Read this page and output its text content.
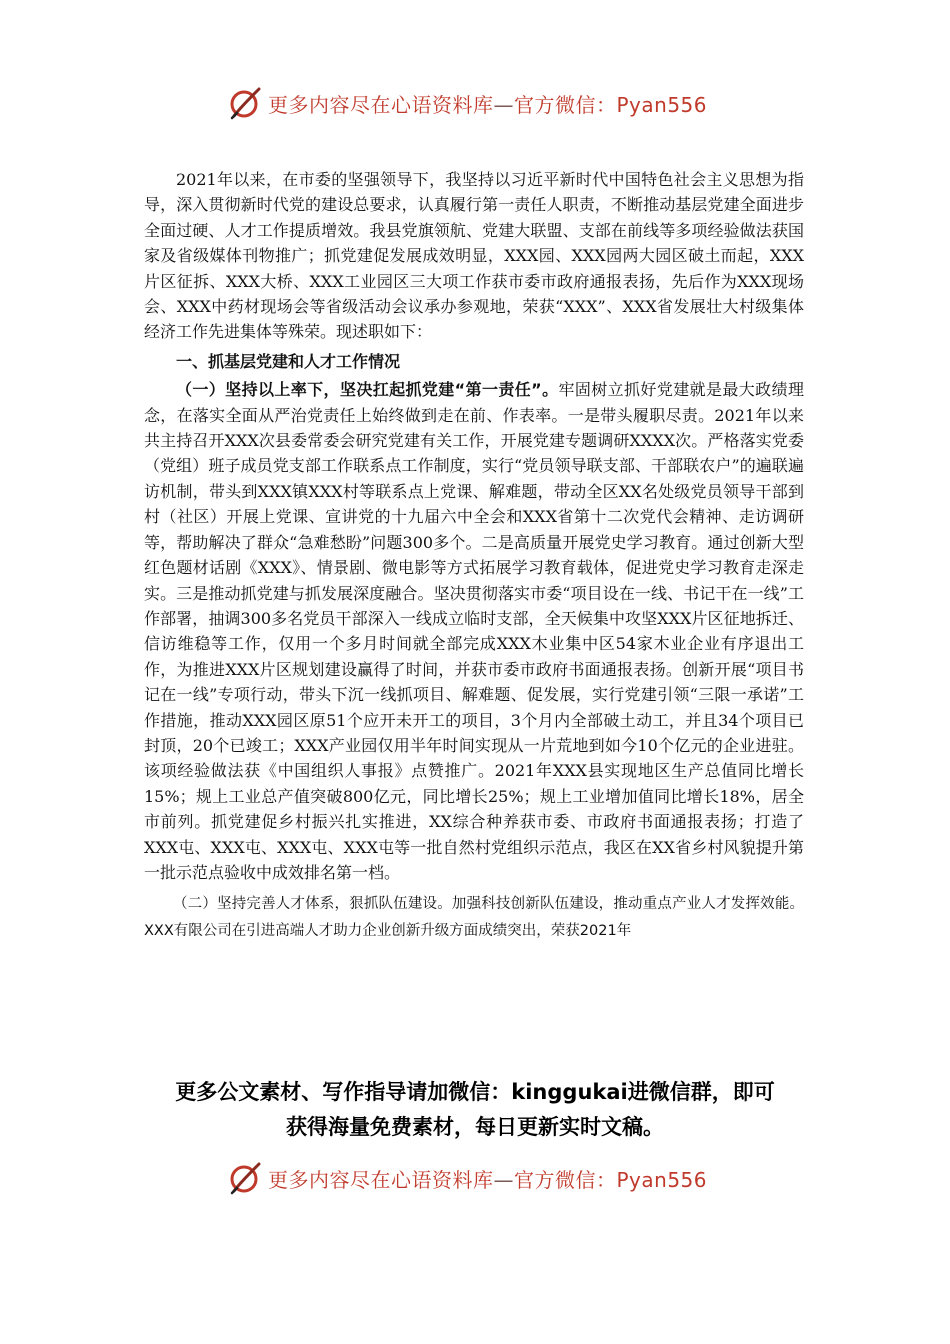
更多内容尽在心语资料库—官方微信：Pyan556

2021年以来，在市委的坚强领导下，我坚持以习近平新时代中国特色社会主义思想为指导，深入贯彻新时代党的建设总要求，认真履行第一责任人职责，不断推动基层党建全面进步全面过硬、人才工作提质增效。我县党旗领航、党建大联盟、支部在前线等多项经验做法获国家及省级媒体刊物推广；抓党建促发展成效明显，XXX园、XXX园两大园区破土而起，XXX片区征拆、XXX大桥、XXX工业园区三大项工作获市委市政府通报表扬，先后作为XXX现场会、XXX中药材现场会等省级活动会议承办参观地，荣获“XXX”、XXX省发展壮大村级集体经济工作先进集体等殊荣。现述职如下：

一、抓基层党建和人才工作情况

（一）坚持以上率下，坚决扛起抓党建“第一责任”。牢固树立抓好党建就是最大政绩理念，在落实全面从严治党责任上始终做到走在前、作表率。一是带头履职尽责。2021年以来共主持召开XXX次县委常委会研究党建有关工作，开展党建专题调研XXXX次。严格落实党委（党组）班子成员党支部工作联系点工作制度，实行“党员领导联支部、干部联农户”的遍联遍访机制，带头到XXX镇XXX村等联系点上党课、解难题，带动全区XX名处级党员领导干部到村（社区）开展上党课、宣讲党的十九届六中全会和XXX省第十二次党代会精神、走访调研等，帮助解决了群众“急难愁盼”问题300多个。二是高质量开展党史学习教育。通过创新大型红色题材话剧《XXX》、情景剧、微电影等方式拓展学习教育载体，促进党史学习教育走深走实。三是推动抓党建与抓发展深度融合。坚决贯彻落实市委“项目设在一线、书记干在一线”工作部署，抽调300多名党员干部深入一线成立临时支部，全天候集中攻坚XXX片区征地拆迁、信访维稳等工作，仅用一个多月时间就全部完成XXX木业集中区54家木业企业有序退出工作，为推进XXX片区规划建设赢得了时间，并获市委市政府书面通报表扬。创新开展“项目书记在一线”专项行动，带头下沉一线抓项目、解难题、促发展，实行党建引领“三限一承诺”工作措施，推动XXX园区原51个应开未开工的项目，3个月内全部破土动工，并且34个项目已封顶，20个已竣工；XXX产业园仅用半年时间实现从一片荒地到如今10个亿元的企业进驻。该项经验做法获《中国组织人事报》点赞推广。2021年XXX县实现地区生产总值同比增长15%；规上工业总产值突破800亿元，同比增长25%；规上工业增加值同比增长18%，居全市前列。抓党建促乡村振兴扎实推进，XX综合种养获市委、市政府书面通报表扬；打造了XXX屯、XXX屯、XXX屯、XXX屯等一批自然村党组织示范点，我区在XX省乡村风貌提升第一批示范点验收中成效排名第一档。

（二）坚持完善人才体系，狠抓队伍建设。加强科技创新队伍建设，推动重点产业人才发挥效能。XXX有限公司在引进高端人才助力企业创新升级方面成绩突出，荣获2021年

更多公文素材、写作指导请加微信：kinggukai进微信群，即可
获得海量免费素材，每日更新实时文稿。
更多内容尽在心语资料库—官方微信：Pyan556
